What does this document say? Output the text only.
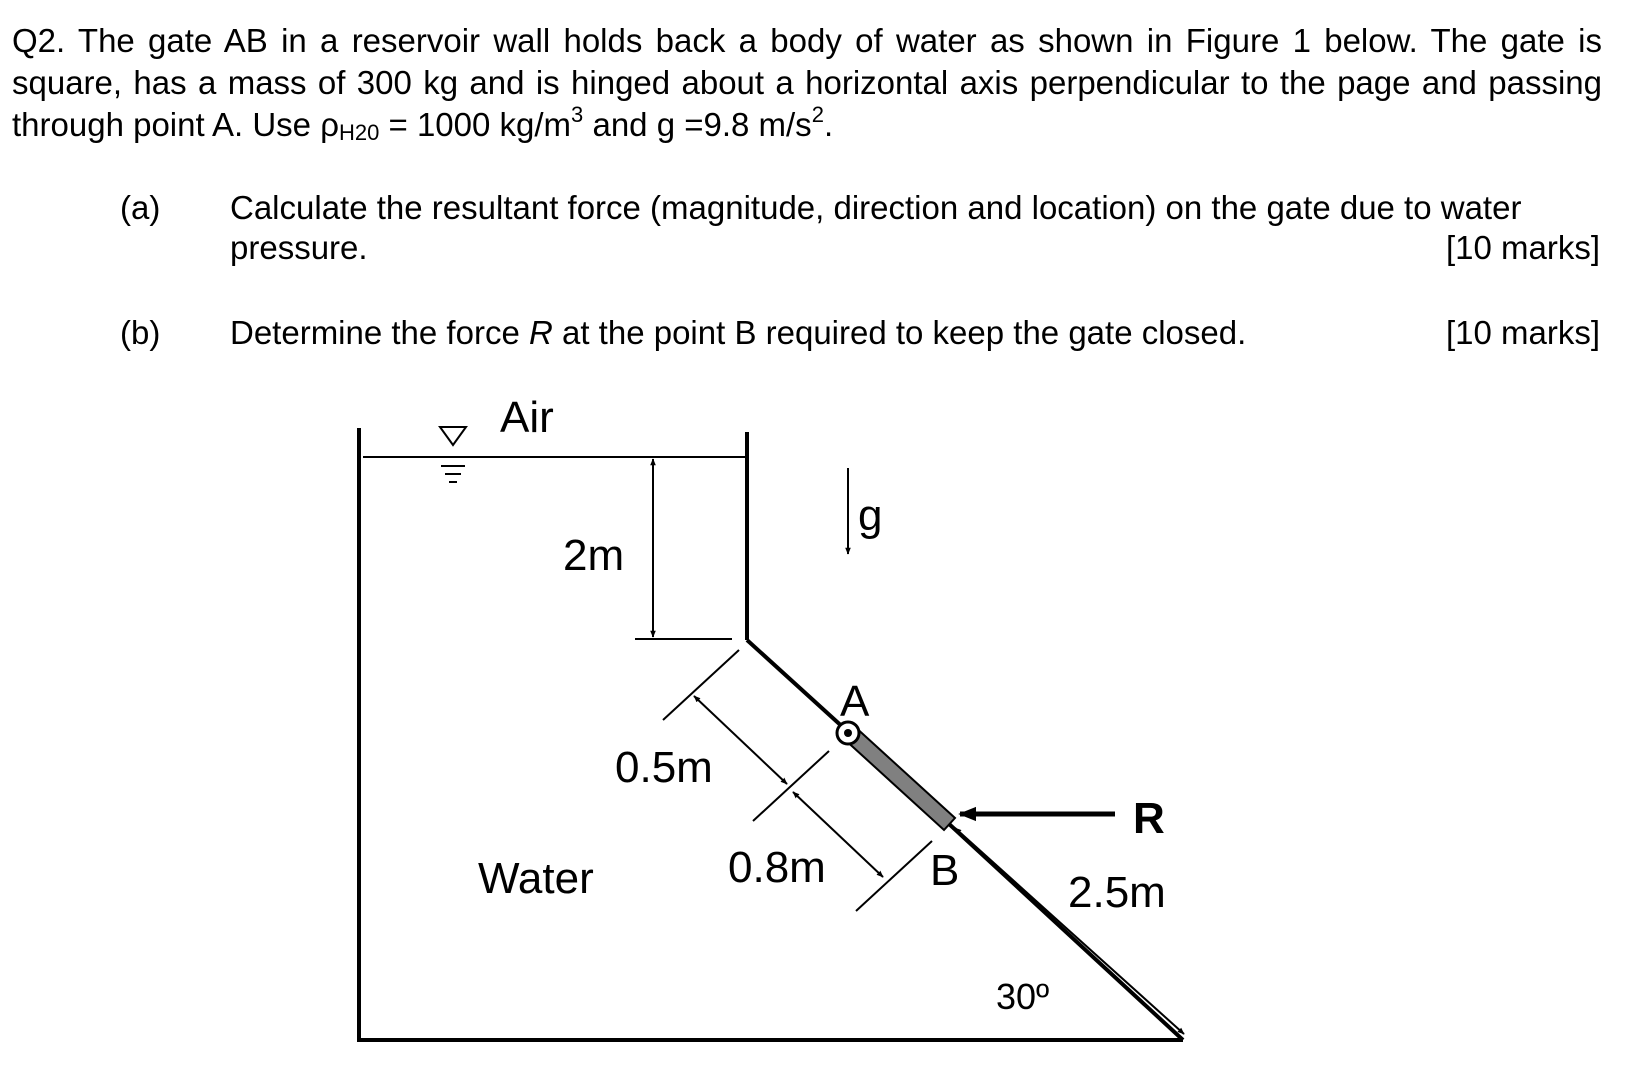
Q2. The gate AB in a reservoir wall holds back a body of water as shown in Figure 1 below. The gate is square, has a mass of 300 kg and is hinged about a horizontal axis perpendicular to the page and passing through point A. Use $\rho_{H20} = 1000$ $kg/m^3$ and g =9.8 $m/s^2$.
(a) Calculate the resultant force (magnitude, direction and location) on the gate due to water pressure.	[10 marks]
(b) Determine the force R at the point B required to keep the gate closed.	[10 marks]
Air
Water
2m
g
A
B
R
0.5m
0.8m
2.5m
30º
